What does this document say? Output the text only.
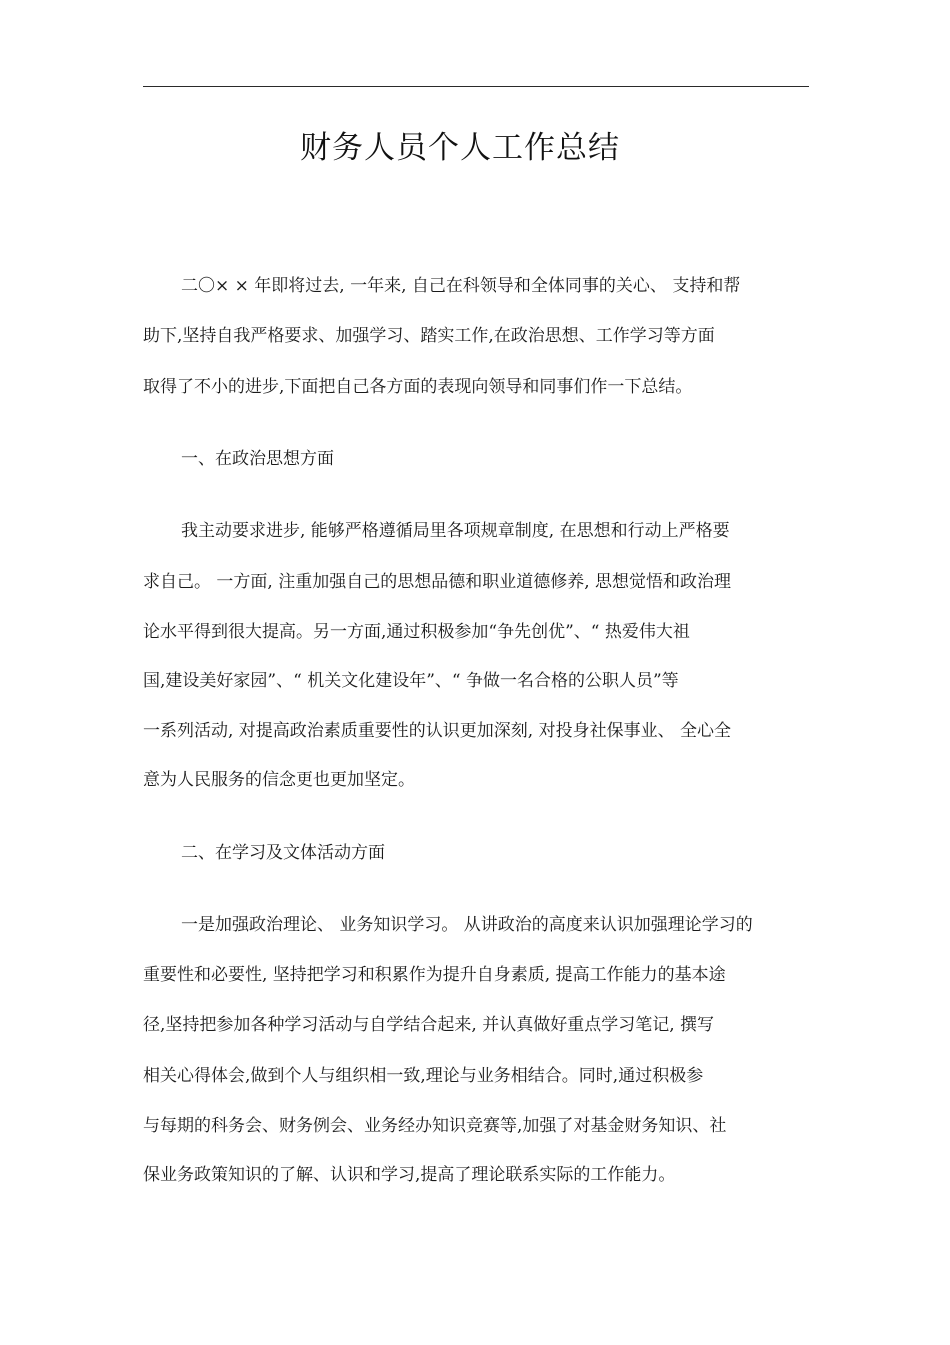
财务人员个人工作总结
二〇× × 年即将过去, 一年来, 自己在科领导和全体同事的关心、 支持和帮
助下,坚持自我严格要求、加强学习、踏实工作,在政治思想、工作学习等方面
取得了不小的进步,下面把自己各方面的表现向领导和同事们作一下总结。
一、在政治思想方面
我主动要求进步, 能够严格遵循局里各项规章制度, 在思想和行动上严格要
求自己。 一方面, 注重加强自己的思想品德和职业道德修养, 思想觉悟和政治理
论水平得到很大提高。另一方面,通过积极参加“争先创优”、“ 热爱伟大祖
国,建设美好家园”、“ 机关文化建设年”、“ 争做一名合格的公职人员”等
一系列活动, 对提高政治素质重要性的认识更加深刻, 对投身社保事业、 全心全
意为人民服务的信念更也更加坚定。
二、在学习及文体活动方面
一是加强政治理论、 业务知识学习。 从讲政治的高度来认识加强理论学习的
重要性和必要性, 坚持把学习和积累作为提升自身素质, 提高工作能力的基本途
径,坚持把参加各种学习活动与自学结合起来, 并认真做好重点学习笔记, 撰写
相关心得体会,做到个人与组织相一致,理论与业务相结合。同时,通过积极参
与每期的科务会、财务例会、业务经办知识竞赛等,加强了对基金财务知识、社
保业务政策知识的了解、认识和学习,提高了理论联系实际的工作能力。
